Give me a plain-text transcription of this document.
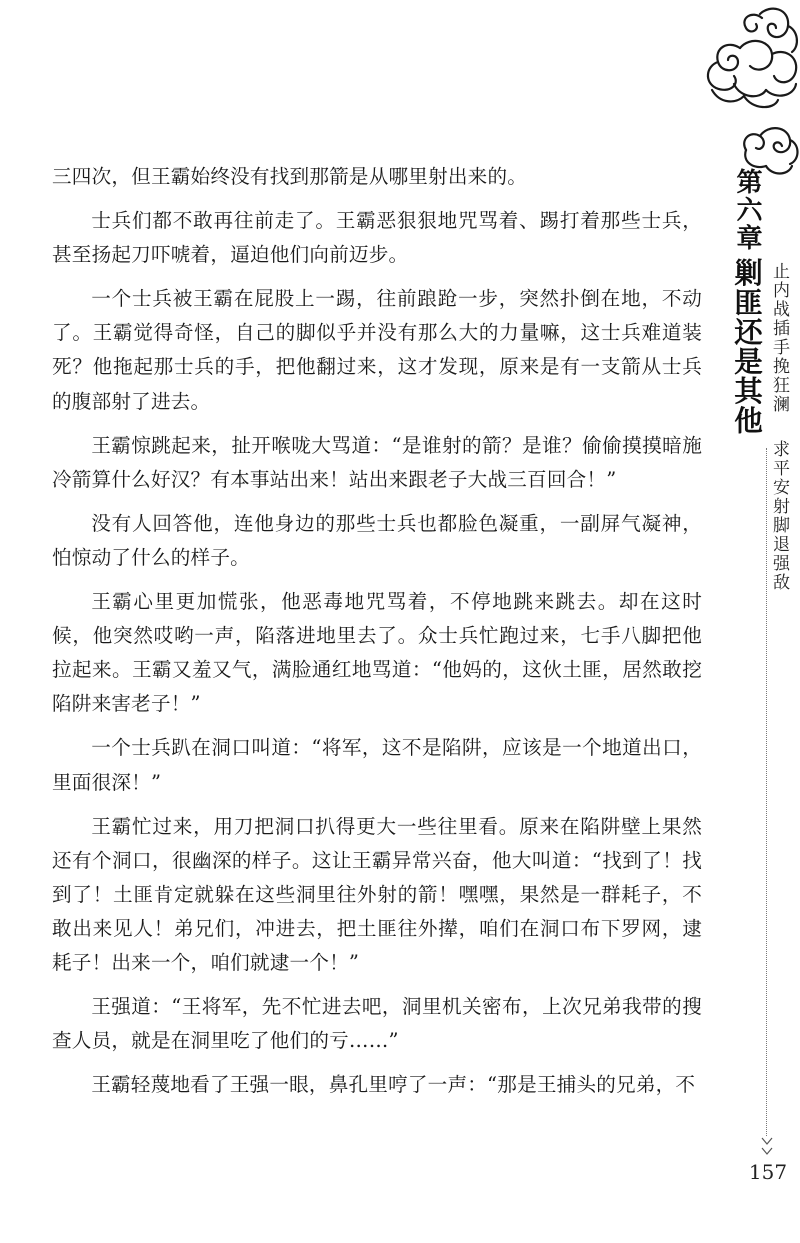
第六章
剿匪还是其他 止内战插手挽狂澜
求平安射脚退强敌
157

三四次，但王霸始终没有找到那箭是从哪里射出来的。

士兵们都不敢再往前走了。王霸恶狠狠地咒骂着、踢打着那些士兵，甚至扬起刀吓唬着，逼迫他们向前迈步。

一个士兵被王霸在屁股上一踢，往前踉跄一步，突然扑倒在地，不动了。王霸觉得奇怪，自己的脚似乎并没有那么大的力量嘛，这士兵难道装死？他拖起那士兵的手，把他翻过来，这才发现，原来是有一支箭从士兵的腹部射了进去。

王霸惊跳起来，扯开喉咙大骂道：“是谁射的箭？是谁？偷偷摸摸暗施冷箭算什么好汉？有本事站出来！站出来跟老子大战三百回合！”

没有人回答他，连他身边的那些士兵也都脸色凝重，一副屏气凝神，怕惊动了什么的样子。

王霸心里更加慌张，他恶毒地咒骂着，不停地跳来跳去。却在这时候，他突然哎哟一声，陷落进地里去了。众士兵忙跑过来，七手八脚把他拉起来。王霸又羞又气，满脸通红地骂道：“他妈的，这伙土匪，居然敢挖陷阱来害老子！”

一个士兵趴在洞口叫道：“将军，这不是陷阱，应该是一个地道出口，里面很深！”

王霸忙过来，用刀把洞口扒得更大一些往里看。原来在陷阱壁上果然还有个洞口，很幽深的样子。这让王霸异常兴奋，他大叫道：“找到了！找到了！土匪肯定就躲在这些洞里往外射的箭！嘿嘿，果然是一群耗子，不敢出来见人！弟兄们，冲进去，把土匪往外撵，咱们在洞口布下罗网，逮耗子！出来一个，咱们就逮一个！”

王强道：“王将军，先不忙进去吧，洞里机关密布，上次兄弟我带的搜查人员，就是在洞里吃了他们的亏……”

王霸轻蔑地看了王强一眼，鼻孔里哼了一声：“那是王捕头的兄弟，不
